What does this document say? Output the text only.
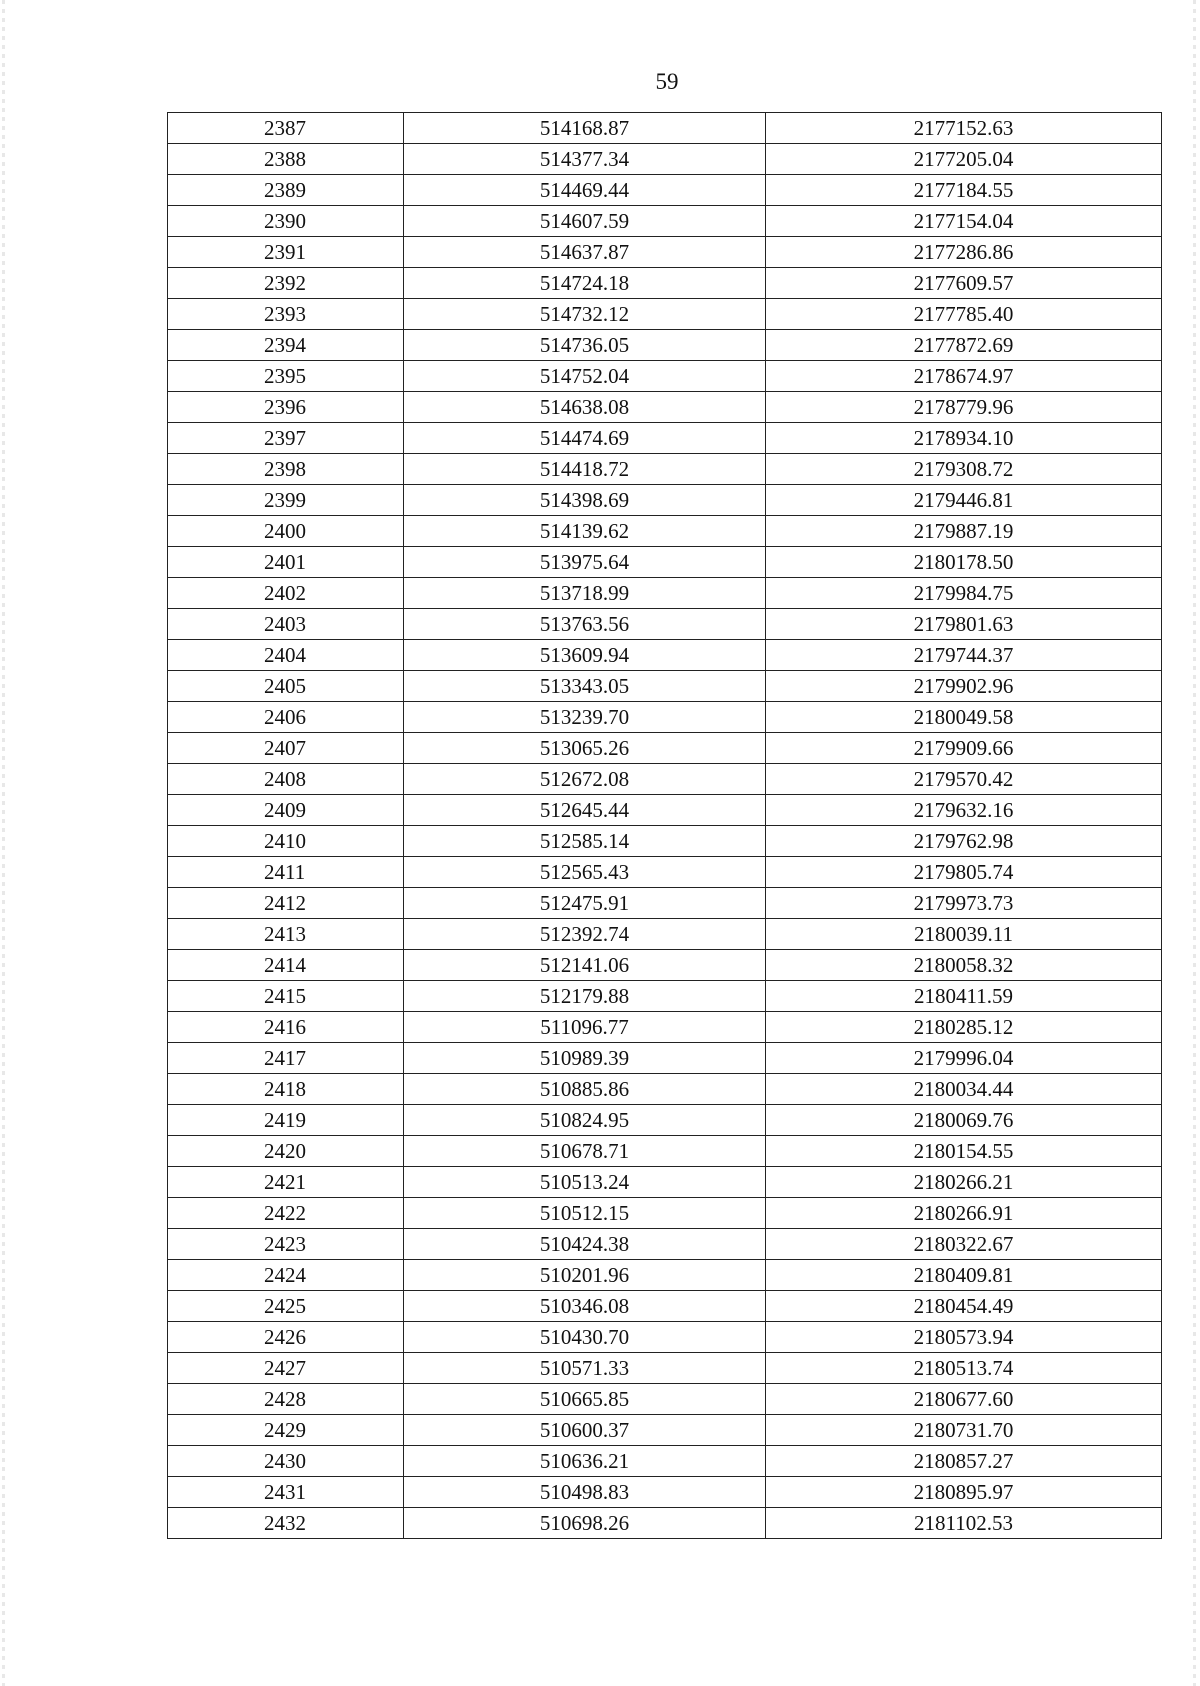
59
2387	514168.87	2177152.63
2388	514377.34	2177205.04
2389	514469.44	2177184.55
2390	514607.59	2177154.04
2391	514637.87	2177286.86
2392	514724.18	2177609.57
2393	514732.12	2177785.40
2394	514736.05	2177872.69
2395	514752.04	2178674.97
2396	514638.08	2178779.96
2397	514474.69	2178934.10
2398	514418.72	2179308.72
2399	514398.69	2179446.81
2400	514139.62	2179887.19
2401	513975.64	2180178.50
2402	513718.99	2179984.75
2403	513763.56	2179801.63
2404	513609.94	2179744.37
2405	513343.05	2179902.96
2406	513239.70	2180049.58
2407	513065.26	2179909.66
2408	512672.08	2179570.42
2409	512645.44	2179632.16
2410	512585.14	2179762.98
2411	512565.43	2179805.74
2412	512475.91	2179973.73
2413	512392.74	2180039.11
2414	512141.06	2180058.32
2415	512179.88	2180411.59
2416	511096.77	2180285.12
2417	510989.39	2179996.04
2418	510885.86	2180034.44
2419	510824.95	2180069.76
2420	510678.71	2180154.55
2421	510513.24	2180266.21
2422	510512.15	2180266.91
2423	510424.38	2180322.67
2424	510201.96	2180409.81
2425	510346.08	2180454.49
2426	510430.70	2180573.94
2427	510571.33	2180513.74
2428	510665.85	2180677.60
2429	510600.37	2180731.70
2430	510636.21	2180857.27
2431	510498.83	2180895.97
2432	510698.26	2181102.53
